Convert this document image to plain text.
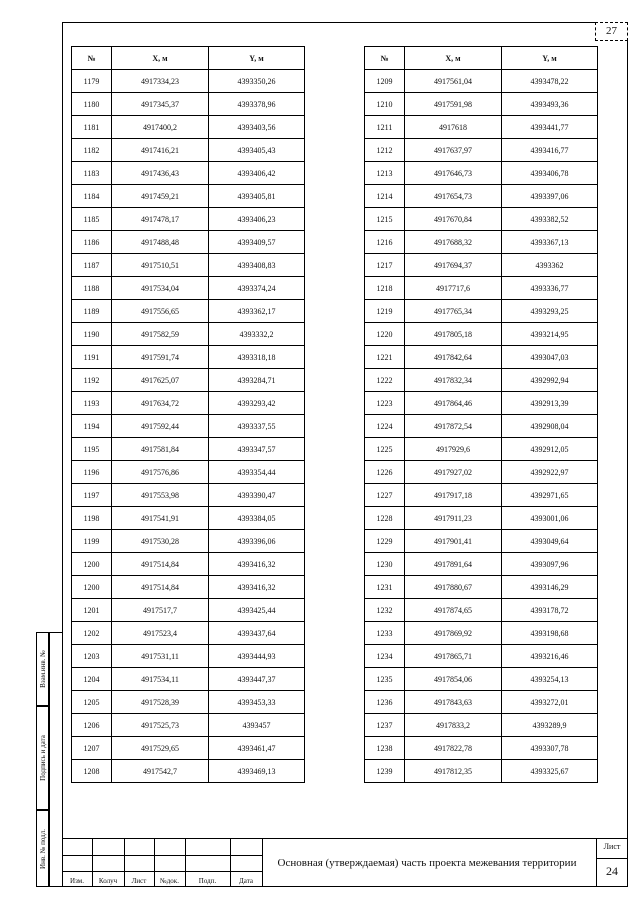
27
№	X, м	Y, м
1179	4917334,23	4393350,26
1180	4917345,37	4393378,96
1181	4917400,2	4393403,56
1182	4917416,21	4393405,43
1183	4917436,43	4393406,42
1184	4917459,21	4393405,81
1185	4917478,17	4393406,23
1186	4917488,48	4393409,57
1187	4917510,51	4393408,83
1188	4917534,04	4393374,24
1189	4917556,65	4393362,17
1190	4917582,59	4393332,2
1191	4917591,74	4393318,18
1192	4917625,07	4393284,71
1193	4917634,72	4393293,42
1194	4917592,44	4393337,55
1195	4917581,84	4393347,57
1196	4917576,86	4393354,44
1197	4917553,98	4393390,47
1198	4917541,91	4393384,05
1199	4917530,28	4393396,06
1200	4917514,84	4393416,32
1200	4917514,84	4393416,32
1201	4917517,7	4393425,44
1202	4917523,4	4393437,64
1203	4917531,11	4393444,93
1204	4917534,11	4393447,37
1205	4917528,39	4393453,33
1206	4917525,73	4393457
1207	4917529,65	4393461,47
1208	4917542,7	4393469,13
№	X, м	Y, м
1209	4917561,04	4393478,22
1210	4917591,98	4393493,36
1211	4917618	4393441,77
1212	4917637,97	4393416,77
1213	4917646,73	4393406,78
1214	4917654,73	4393397,06
1215	4917670,84	4393382,52
1216	4917688,32	4393367,13
1217	4917694,37	4393362
1218	4917717,6	4393336,77
1219	4917765,34	4393293,25
1220	4917805,18	4393214,95
1221	4917842,64	4393047,03
1222	4917832,34	4392992,94
1223	4917864,46	4392913,39
1224	4917872,54	4392908,04
1225	4917929,6	4392912,05
1226	4917927,02	4392922,97
1227	4917917,18	4392971,65
1228	4917911,23	4393001,06
1229	4917901,41	4393049,64
1230	4917891,64	4393097,96
1231	4917880,67	4393146,29
1232	4917874,65	4393178,72
1233	4917869,92	4393198,68
1234	4917865,71	4393216,46
1235	4917854,06	4393254,13
1236	4917843,63	4393272,01
1237	4917833,2	4393289,9
1238	4917822,78	4393307,78
1239	4917812,35	4393325,67
Взам.инв. №
Подпись и дата
Инв. № подл.
Изм.	Колуч	Лист	№док.	Подп.	Дата
Основная (утверждаемая) часть проекта межевания территории
Лист
24
